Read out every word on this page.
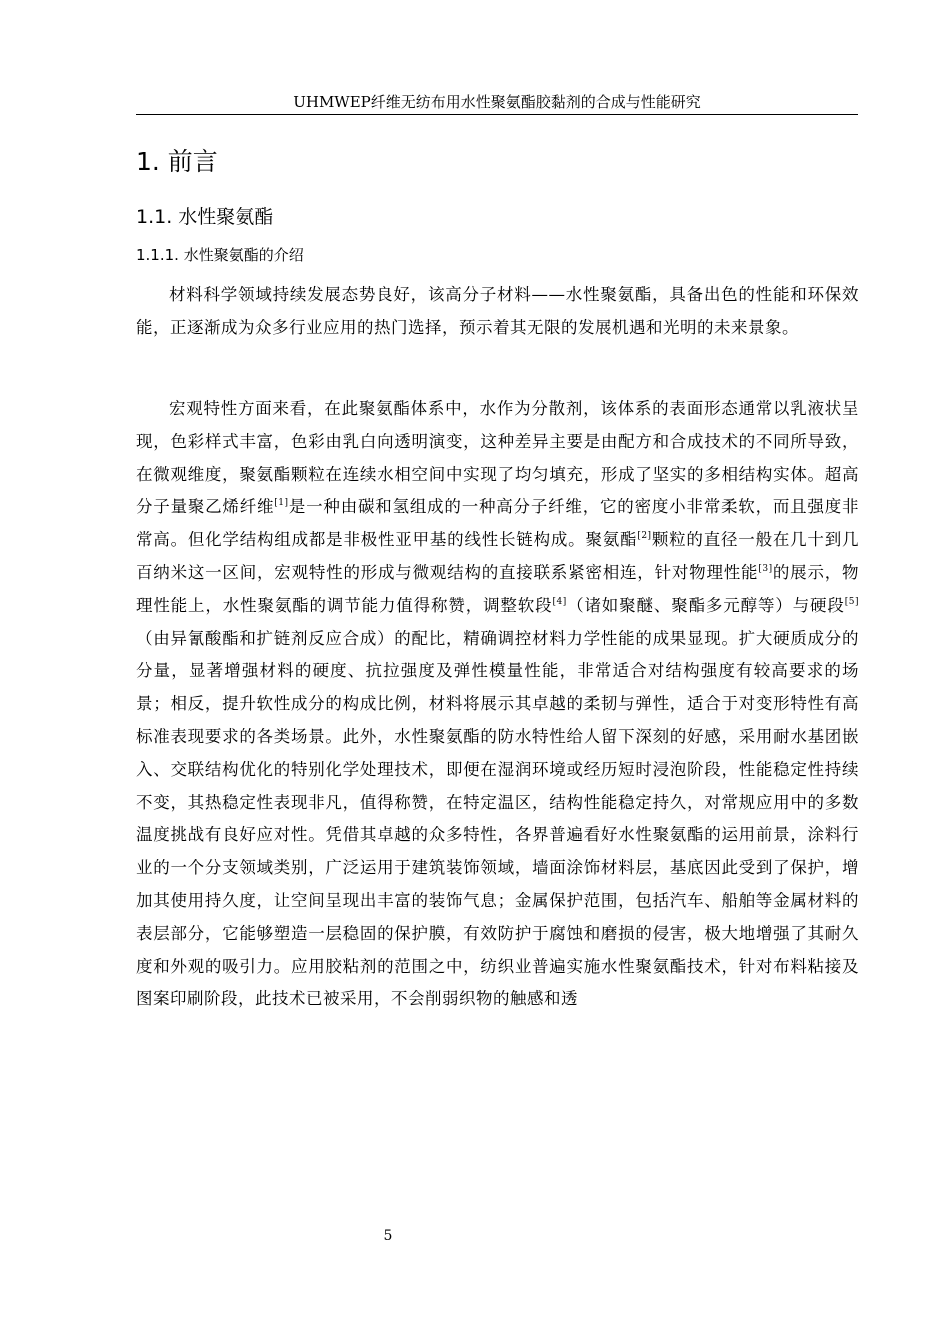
UHMWEP纤维无纺布用水性聚氨酯胶黏剂的合成与性能研究
1. 前言
1.1. 水性聚氨酯
1.1.1. 水性聚氨酯的介绍

材料科学领域持续发展态势良好，该高分子材料——水性聚氨酯，具备出色的性能和环保效能，正逐渐成为众多行业应用的热门选择，预示着其无限的发展机遇和光明的未来景象。

宏观特性方面来看，在此聚氨酯体系中，水作为分散剂，该体系的表面形态通常以乳液状呈现，色彩样式丰富，色彩由乳白向透明演变，这种差异主要是由配方和合成技术的不同所导致，在微观维度，聚氨酯颗粒在连续水相空间中实现了均匀填充，形成了坚实的多相结构实体。超高分子量聚乙烯纤维[1]是一种由碳和氢组成的一种高分子纤维，它的密度小非常柔软，而且强度非常高。但化学结构组成都是非极性亚甲基的线性长链构成。聚氨酯[2]颗粒的直径一般在几十到几百纳米这一区间，宏观特性的形成与微观结构的直接联系紧密相连，针对物理性能[3]的展示，物理性能上，水性聚氨酯的调节能力值得称赞，调整软段[4]（诸如聚醚、聚酯多元醇等）与硬段[5]（由异氰酸酯和扩链剂反应合成）的配比，精确调控材料力学性能的成果显现。扩大硬质成分的分量，显著增强材料的硬度、抗拉强度及弹性模量性能，非常适合对结构强度有较高要求的场景；相反，提升软性成分的构成比例，材料将展示其卓越的柔韧与弹性，适合于对变形特性有高标准表现要求的各类场景。此外，水性聚氨酯的防水特性给人留下深刻的好感，采用耐水基团嵌入、交联结构优化的特别化学处理技术，即便在湿润环境或经历短时浸泡阶段，性能稳定性持续不变，其热稳定性表现非凡，值得称赞，在特定温区，结构性能稳定持久，对常规应用中的多数温度挑战有良好应对性。凭借其卓越的众多特性，各界普遍看好水性聚氨酯的运用前景，涂料行业的一个分支领域类别，广泛运用于建筑装饰领域，墙面涂饰材料层，基底因此受到了保护，增加其使用持久度，让空间呈现出丰富的装饰气息；金属保护范围，包括汽车、船舶等金属材料的表层部分，它能够塑造一层稳固的保护膜，有效防护于腐蚀和磨损的侵害，极大地增强了其耐久度和外观的吸引力。应用胶粘剂的范围之中，纺织业普遍实施水性聚氨酯技术，针对布料粘接及图案印刷阶段，此技术已被采用，不会削弱织物的触感和透

5
